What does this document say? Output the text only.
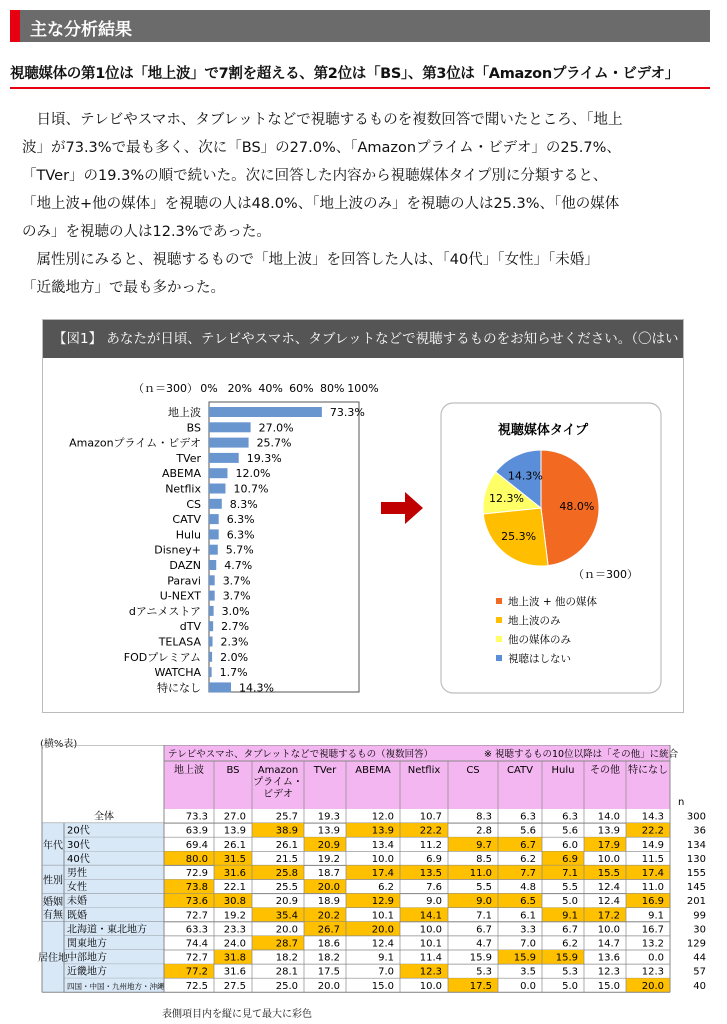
主な分析結果
視聴媒体の第1位は「地上波」で7割を超える、第2位は「BS」、第3位は「Amazonプライム・ビデオ」
　日頃、テレビやスマホ、タブレットなどで視聴するものを複数回答で聞いたところ、「地上
波」が73.3%で最も多く、次に「BS」の27.0%、「Amazonプライム・ビデオ」の25.7%、
「TVer」の19.3%の順で続いた。次に回答した内容から視聴媒体タイプ別に分類すると、
「地上波+他の媒体」を視聴の人は48.0%、「地上波のみ」を視聴の人は25.3%、「他の媒体
のみ」を視聴の人は12.3%であった。
　属性別にみると、視聴するもので「地上波」を回答した人は、「40代」「女性」「未婚」
「近畿地方」で最も多かった。
【図1】 あなたが日頃、テレビやスマホ、タブレットなどで視聴するものをお知らせください。（〇はい
（ｎ＝300） 0% 20% 40% 60% 80% 100%
地上波	73.3%
BS	27.0%
Amazonプライム・ビデオ	25.7%
TVer	19.3%
ABEMA	12.0%
Netflix	10.7%
CS	8.3%
CATV 6.3%
Hulu 6.3%
Disney+ 5.7%
DAZN 4.7%
Paravi 3.7%
U-NEXT 3.7%
dアニメストア 3.0%
dTV 2.7%
TELASA 2.3%
FODプレミアム 2.0%
WATCHA 1.7%
特になし	14.3%
視聴媒体タイプ
48.0%
25.3%
12.3%
14.3%
（ｎ＝300）
地上波 + 他の媒体
地上波のみ
他の媒体のみ
視聴はしない
(横%表)
テレビやスマホ、タブレットなどで視聴するもの（複数回答）	※ 視聴するもの10位以降は「その他」に統合
地上波 BS Amazon
プライム・
ビデオ
TVer ABEMA Netflix	CS	CATV Hulu その他 特になし
n
全体	73.3 27.0	25.7 19.3	12.0	10.7	8.3	6.3	6.3 14.0 14.3 300
20代	63.9 13.9	38.9 13.9	13.9	22.2	2.8	5.6	5.6 13.9 22.2	36
30代	69.4 26.1	26.1 20.9	13.4	11.2	9.7	6.7	6.0 17.9 14.9 134
40代	80.0 31.5	21.5 19.2	10.0	6.9	8.5	6.2	6.9 10.0 11.5 130
年代
男性	72.9 31.6	25.8 18.7	17.4	13.5	11.0	7.7	7.1 15.5 17.4 155
女性	73.8 22.1	25.5 20.0	6.2	7.6	5.5	4.8	5.5 12.4 11.0 145
性別
未婚	73.6 30.8	20.9 18.9	12.9	9.0	9.0	6.5	5.0 12.4 16.9 201
既婚	72.7 19.2	35.4 20.2	10.1	14.1	7.1	6.1	9.1 17.2	9.1	99
婚姻
有無
北海道・東北地方	63.3 23.3	20.0 26.7	20.0	10.0	6.7	3.3	6.7 10.0 16.7	30
関東地方	74.4 24.0	28.7 18.6	12.4	10.1	4.7	7.0	6.2 14.7 13.2 129
中部地方	72.7 31.8	18.2 18.2	9.1	11.4	15.9 15.9 15.9 13.6	0.0	44
近畿地方	77.2 31.6	28.1 17.5	7.0	12.3	5.3	3.5	5.3 12.3 12.3	57
四国・中国・九州地方・沖縄 72.5 27.5	25.0 20.0	15.0	10.0	17.5	0.0	5.0 15.0 20.0	40
居住地
表側項目内を縦に見て最大に彩色
